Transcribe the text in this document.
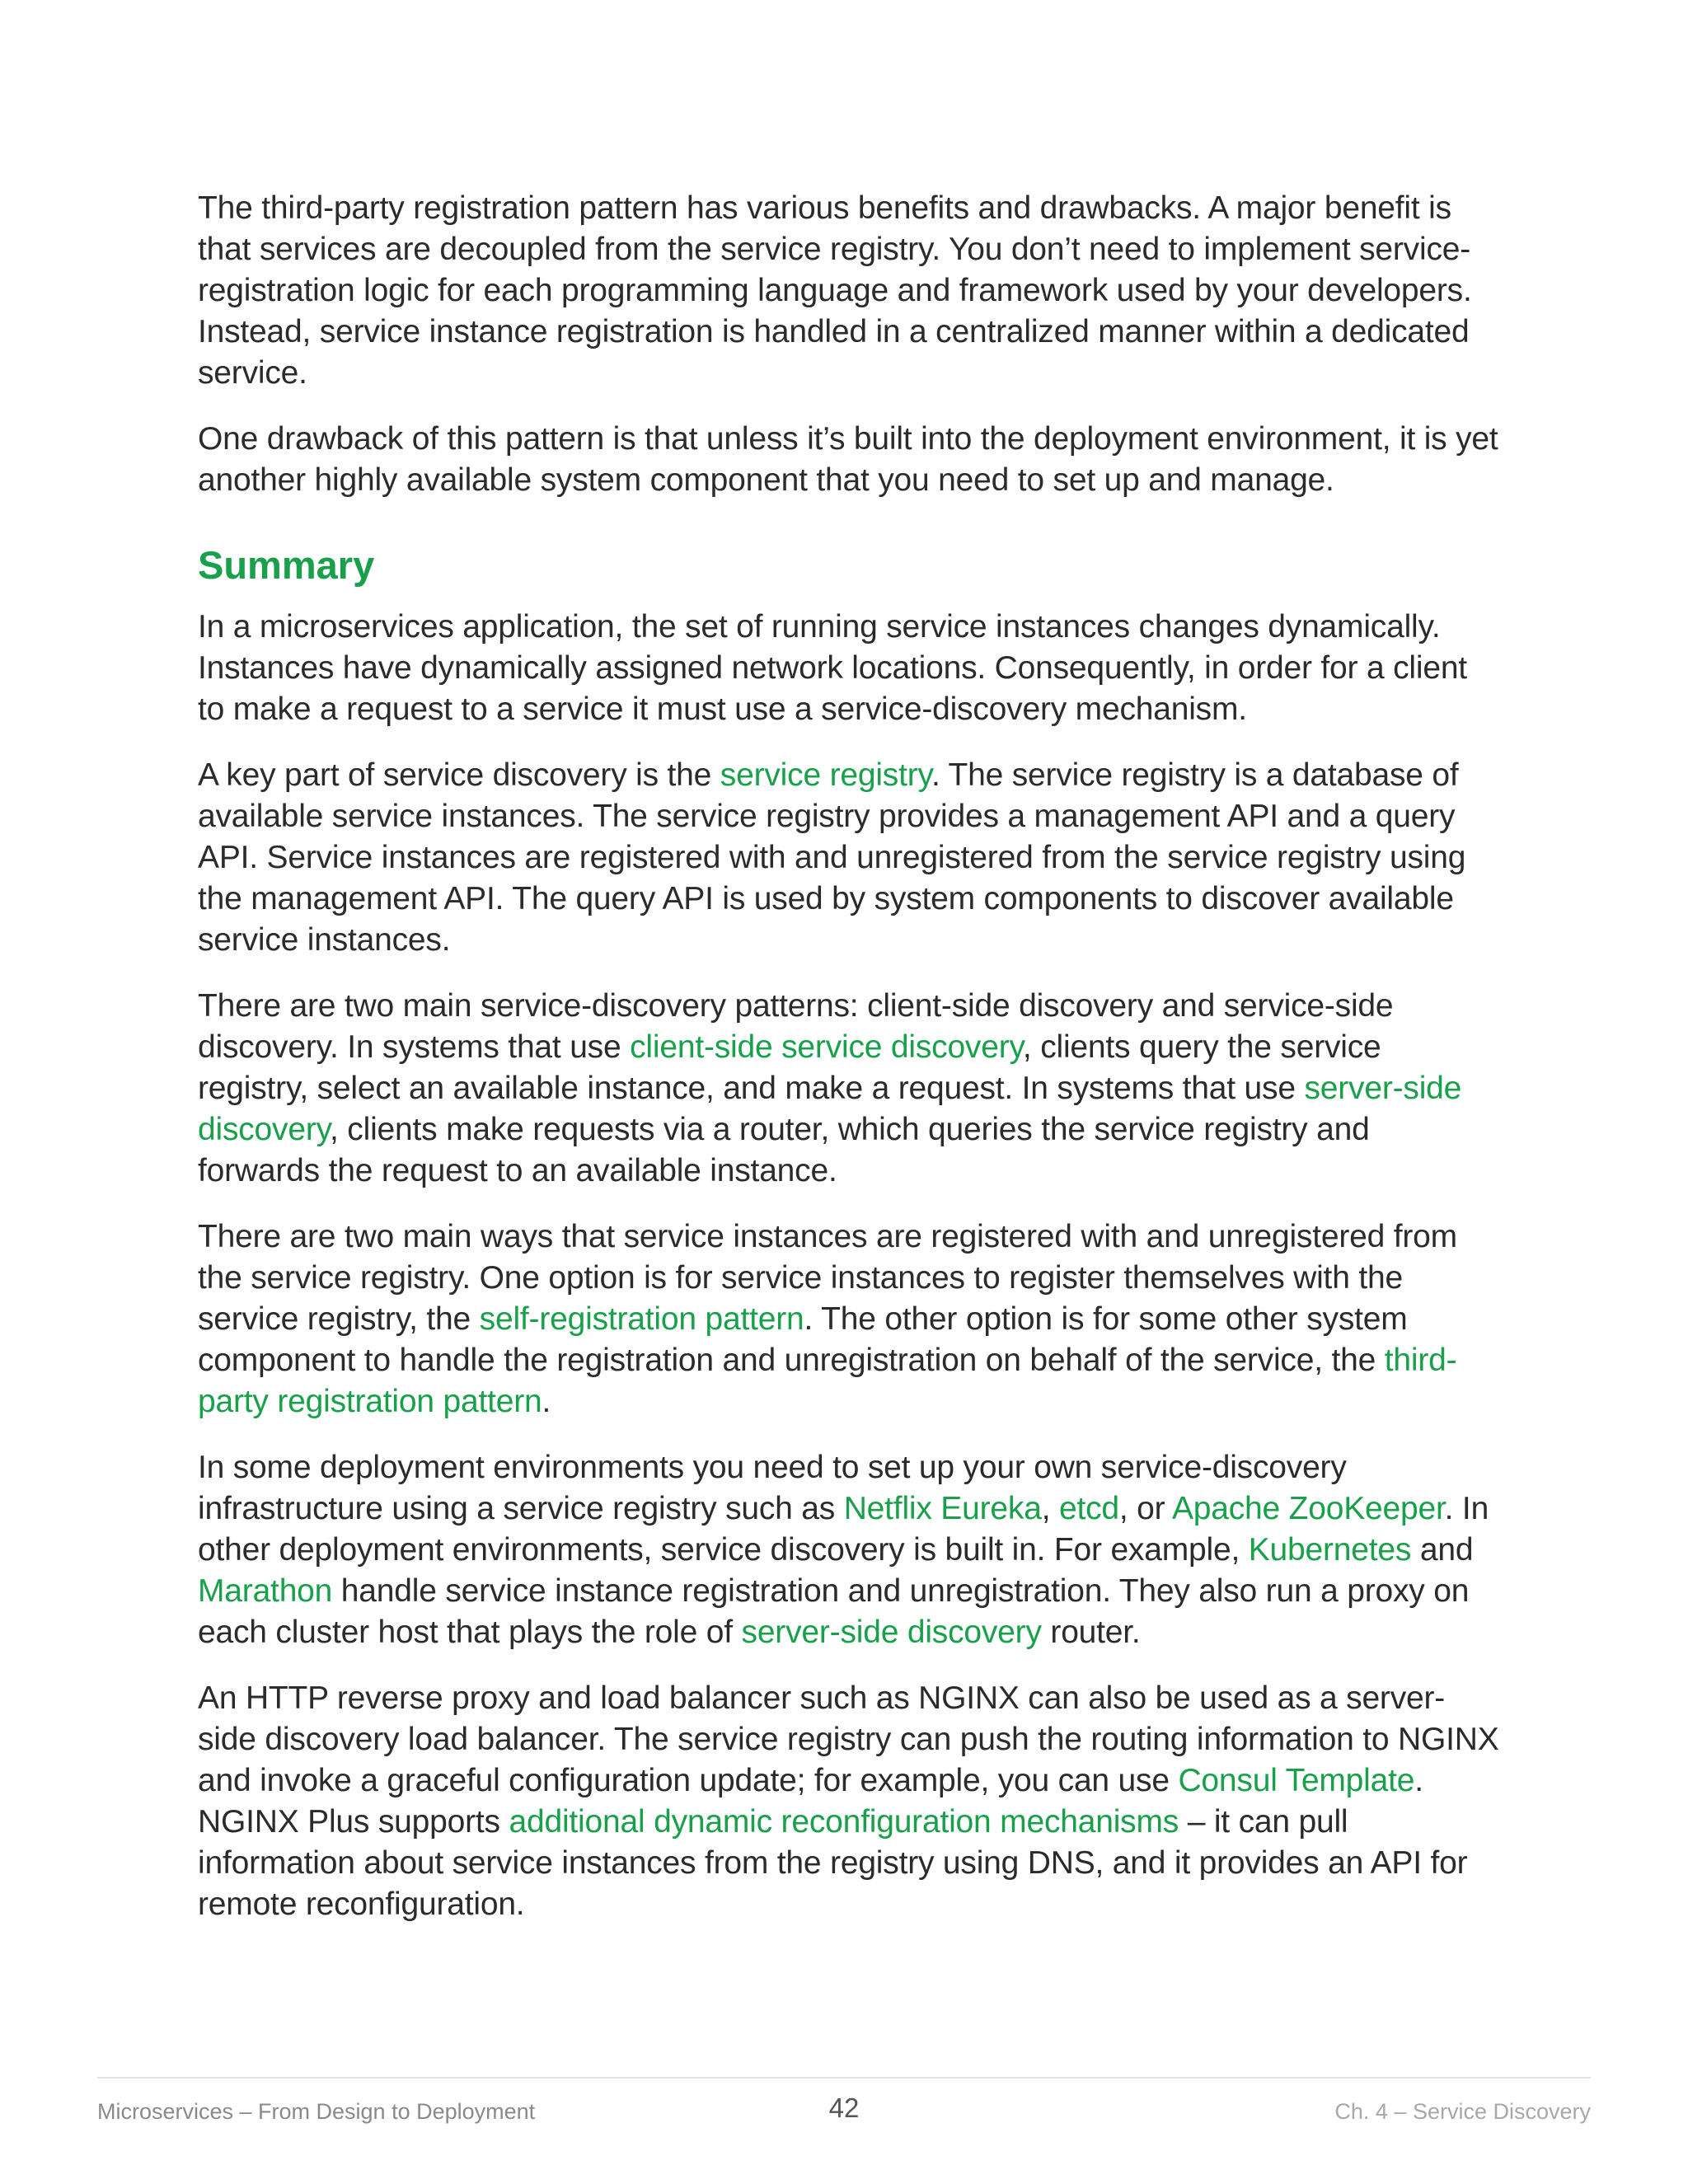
The third-party registration pattern has various benefits and drawbacks. A major benefit is that services are decoupled from the service registry. You don’t need to implement service-registration logic for each programming language and framework used by your developers. Instead, service instance registration is handled in a centralized manner within a dedicated service.

One drawback of this pattern is that unless it’s built into the deployment environment, it is yet another highly available system component that you need to set up and manage.

Summary

In a microservices application, the set of running service instances changes dynamically. Instances have dynamically assigned network locations. Consequently, in order for a client to make a request to a service it must use a service-discovery mechanism.

A key part of service discovery is the service registry. The service registry is a database of available service instances. The service registry provides a management API and a query API. Service instances are registered with and unregistered from the service registry using the management API. The query API is used by system components to discover available service instances.

There are two main service-discovery patterns: client-side discovery and service-side discovery. In systems that use client-side service discovery, clients query the service registry, select an available instance, and make a request. In systems that use server-side discovery, clients make requests via a router, which queries the service registry and forwards the request to an available instance.

There are two main ways that service instances are registered with and unregistered from the service registry. One option is for service instances to register themselves with the service registry, the self-registration pattern. The other option is for some other system component to handle the registration and unregistration on behalf of the service, the third-party registration pattern.

In some deployment environments you need to set up your own service-discovery infrastructure using a service registry such as Netflix Eureka, etcd, or Apache ZooKeeper. In other deployment environments, service discovery is built in. For example, Kubernetes and Marathon handle service instance registration and unregistration. They also run a proxy on each cluster host that plays the role of server-side discovery router.

An HTTP reverse proxy and load balancer such as NGINX can also be used as a server-side discovery load balancer. The service registry can push the routing information to NGINX and invoke a graceful configuration update; for example, you can use Consul Template. NGINX Plus supports additional dynamic reconfiguration mechanisms – it can pull information about service instances from the registry using DNS, and it provides an API for remote reconfiguration.

Microservices – From Design to Deployment	42	Ch. 4 – Service Discovery
